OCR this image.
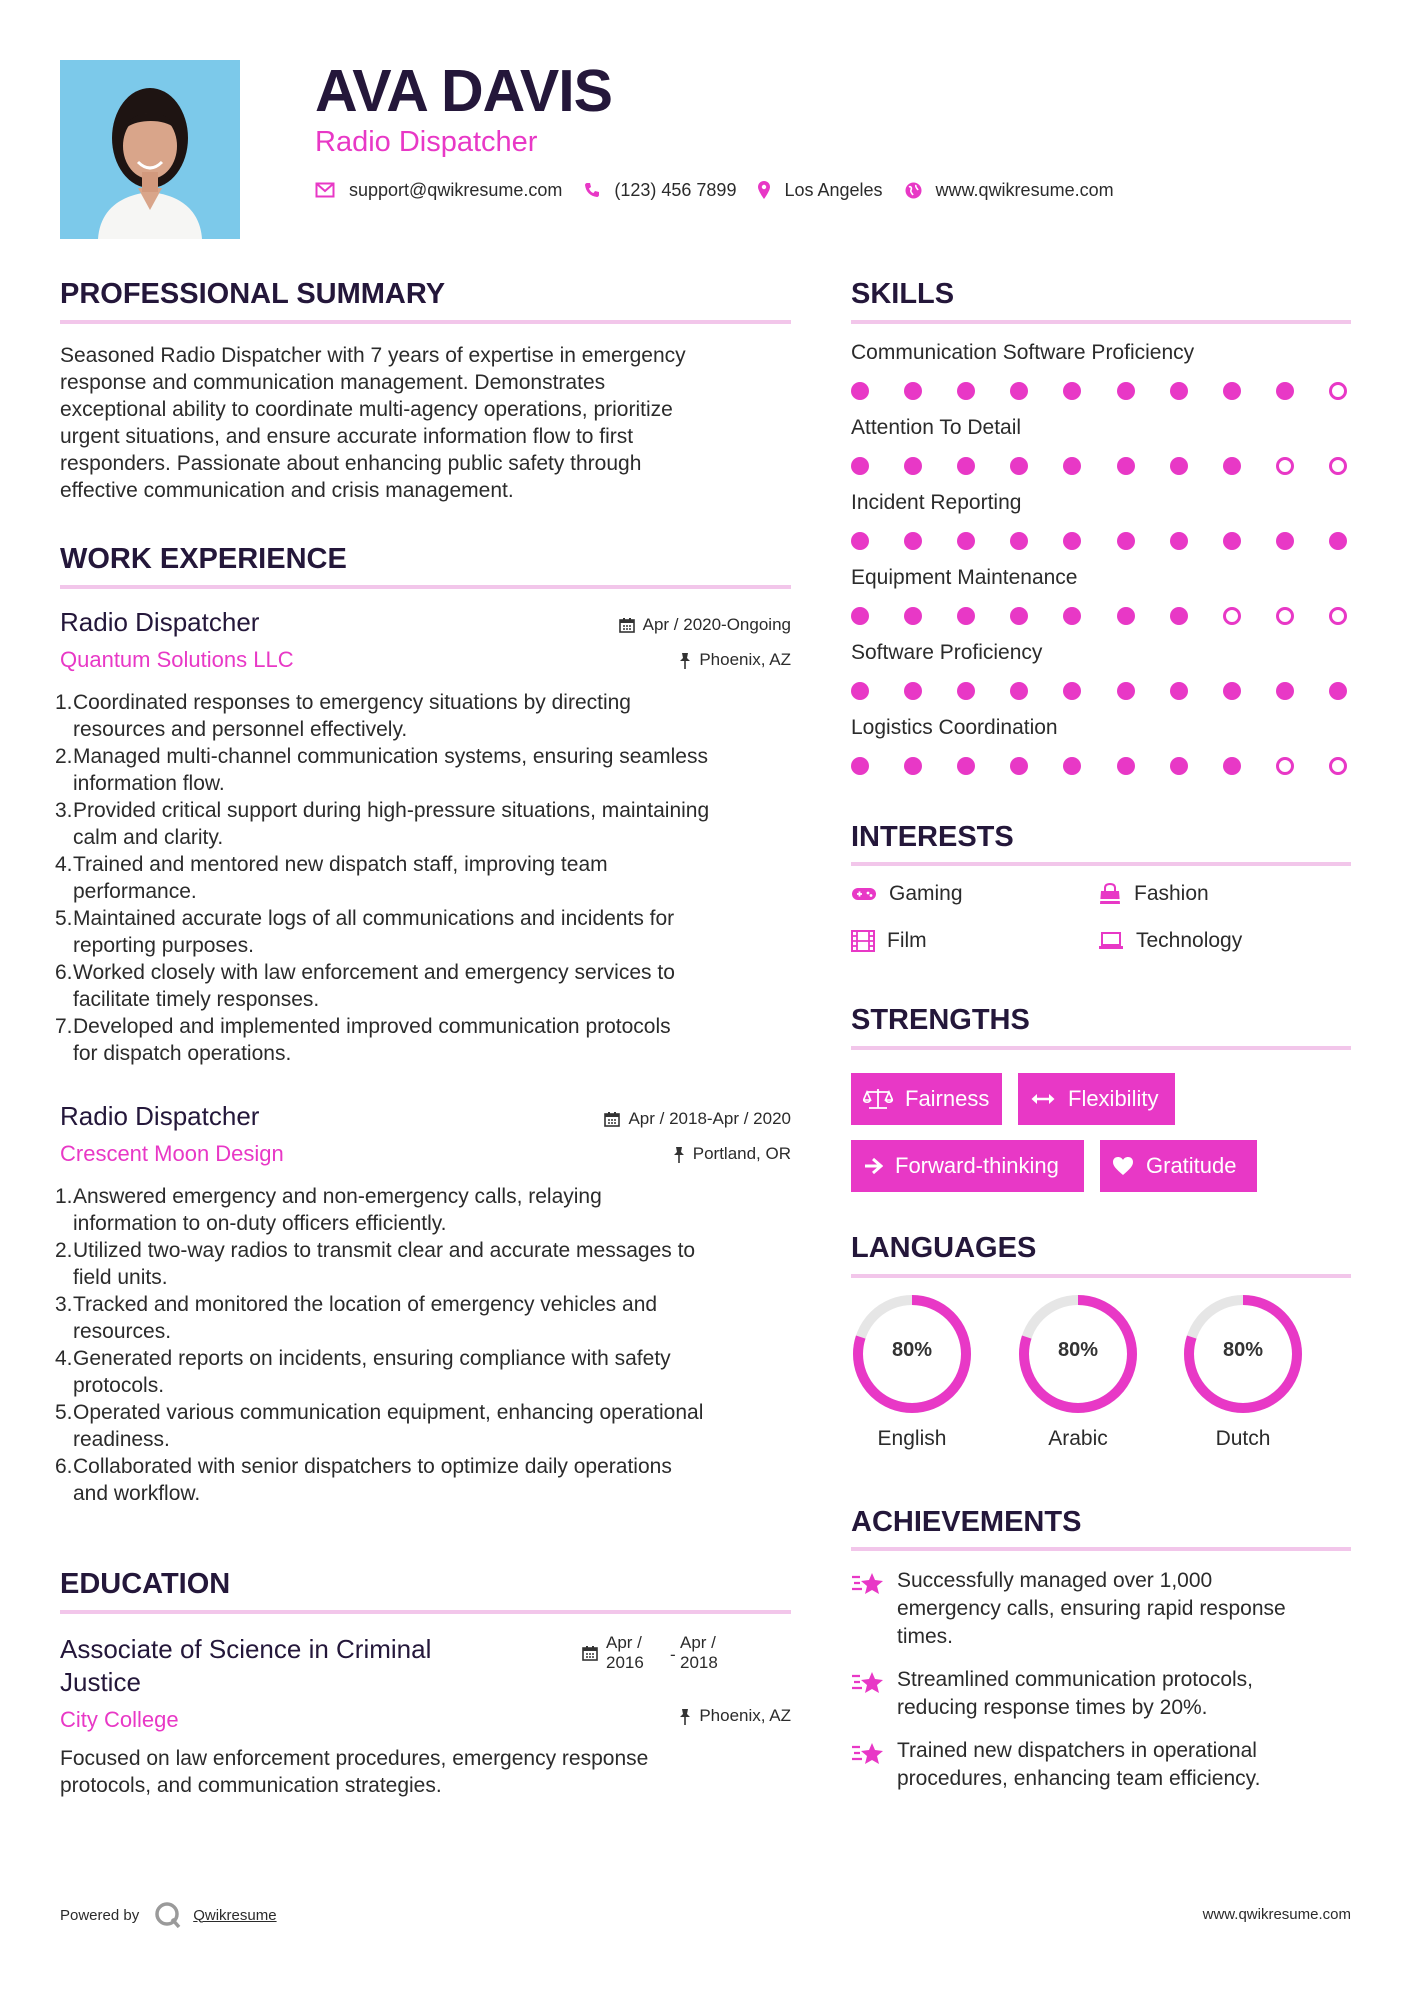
AVA DAVIS
Radio Dispatcher
support@qwikresume.com	(123) 456 7899	Los Angeles	www.qwikresume.com
PROFESSIONAL SUMMARY
Seasoned Radio Dispatcher with 7 years of expertise in emergency
response and communication management. Demonstrates
exceptional ability to coordinate multi-agency operations, prioritize
urgent situations, and ensure accurate information flow to first
responders. Passionate about enhancing public safety through
effective communication and crisis management.
WORK EXPERIENCE
Radio Dispatcher
Quantum Solutions LLC
Apr / 2020-Ongoing
Phoenix, AZ
1. Coordinated responses to emergency situations by directing
resources and personnel effectively.
2. Managed multi-channel communication systems, ensuring seamless
information flow.
3. Provided critical support during high-pressure situations, maintaining
calm and clarity.
4. Trained and mentored new dispatch staff, improving team
performance.
5. Maintained accurate logs of all communications and incidents for
reporting purposes.
6. Worked closely with law enforcement and emergency services to
facilitate timely responses.
7. Developed and implemented improved communication protocols
for dispatch operations.
Radio Dispatcher
Crescent Moon Design
Apr / 2018-Apr / 2020
Portland, OR
1. Answered emergency and non-emergency calls, relaying
information to on-duty officers efficiently.
2. Utilized two-way radios to transmit clear and accurate messages to
field units.
3. Tracked and monitored the location of emergency vehicles and
resources.
4. Generated reports on incidents, ensuring compliance with safety
protocols.
5. Operated various communication equipment, enhancing operational
readiness.
6. Collaborated with senior dispatchers to optimize daily operations
and workflow.
EDUCATION
Associate of Science in Criminal
Justice
City College
Apr /
2016	-
Apr /
2018
Phoenix, AZ
Focused on law enforcement procedures, emergency response
protocols, and communication strategies.
SKILLS
Communication Software Proficiency
Attention To Detail
Incident Reporting
Equipment Maintenance
Software Proficiency
Logistics Coordination
INTERESTS
Gaming	Fashion
Film	Technology
STRENGTHS
Fairness	Flexibility
Forward-thinking	Gratitude
LANGUAGES
80%
English
80%
Arabic
80%
Dutch
ACHIEVEMENTS
Successfully managed over 1,000
emergency calls, ensuring rapid response
times.
Streamlined communication protocols,
reducing response times by 20%.
Trained new dispatchers in operational
procedures, enhancing team efficiency.
Powered by	Qwikresume	www.qwikresume.com
